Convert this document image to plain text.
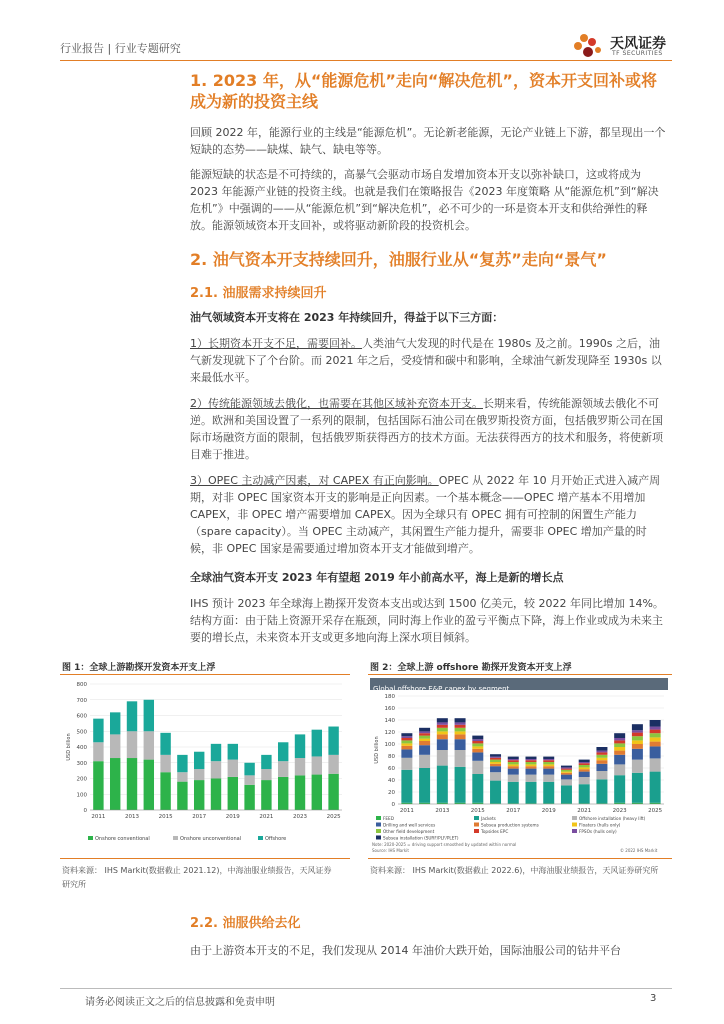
行业报告 | 行业专题研究	天风证券
TF SECURITIES
1. 2023 年，从“能源危机”走向“解决危机”，资本开支回补或将成为新的投资主线
回顾 2022 年，能源行业的主线是“能源危机”。无论新老能源，无论产业链上下游，都呈现出一个短缺的态势——缺煤、缺气、缺电等等。
能源短缺的状态是不可持续的，高暴气会驱动市场自发增加资本开支以弥补缺口，这或将成为 2023 年能源产业链的投资主线。也就是我们在策略报告《2023 年度策略 从“能源危机”到“解决危机”》中强调的——从“能源危机”到“解决危机”，必不可少的一环是资本开支和供给弹性的释放。能源领域资本开支回补，或将驱动新阶段的投资机会。
2. 油气资本开支持续回升，油服行业从“复苏”走向“景气”
2.1. 油服需求持续回升
油气领域资本开支将在 2023 年持续回升，得益于以下三方面：
1）长期资本开支不足，需要回补。人类油气大发现的时代是在 1980s 及之前。1990s 之后，油气新发现就下了个台阶。而 2021 年之后，受疫情和碳中和影响，全球油气新发现降至 1930s 以来最低水平。
2）传统能源领域去俄化，也需要在其他区域补充资本开支。长期来看，传统能源领域去俄化不可逆。欧洲和美国设置了一系列的限制，包括国际石油公司在俄罗斯投资方面，包括俄罗斯公司在国际市场融资方面的限制，包括俄罗斯获得西方的技术方面。无法获得西方的技术和服务，将使新项目难于推进。
3）OPEC 主动减产因素，对 CAPEX 有正向影响。OPEC 从 2022 年 10 月开始正式进入减产周期，对非 OPEC 国家资本开支的影响是正向因素。一个基本概念——OPEC 增产基本不用增加 CAPEX，非 OPEC 增产需要增加 CAPEX。因为全球只有 OPEC 拥有可控制的闲置生产能力（spare capacity）。当 OPEC 主动减产，其闲置生产能力提升，需要非 OPEC 增加产量的时候，非 OPEC 国家是需要通过增加资本开支才能做到增产。
全球油气资本开支 2023 年有望超 2019 年小前高水平，海上是新的增长点
IHS 预计 2023 年全球海上勘探开发资本支出或达到 1500 亿美元，较 2022 年同比增加 14%。结构方面：由于陆上资源开采存在瓶颈，同时海上作业的盈亏平衡点下降，海上作业或成为未来主要的增长点，未来资本开支或更多地向海上深水项目倾斜。
图 1：全球上游勘探开发资本开支上浮
0
100
200
300
400
500
600
700
800
USD billion
2011	2013	2015	2017	2019	2021	2023	2025
Onshore conventional	Onshore unconventional	Offshore
资料来源： IHS Markit(数据截止 2021.12)，中海油服业绩报告，天风证券
研究所
图 2：全球上游 offshore 勘探开发资本开支上浮
Global offshore E&P capex by segment
0
20
40
60
80
100
120
140
160
180
USD billion
2011	2013	2015	2017	2019	2021	2023	2025
FEED	Jackets	Offshore installation (heavy lift)
Drilling and well services	Subsea production systems	Floaters (hulls only)
Other field development	Topsides EPC	FPSOs (hulls only)
Subsea installation (SURF/PLF/PLET)
Note: 2020-2025 = driving support smoothed by updated within normal
Source: IHS Markit	© 2022 IHS Markit
资料来源： IHS Markit(数据截止 2022.6)，中海油服业绩报告，天风证券研究所
2.2. 油服供给去化
由于上游资本开支的不足，我们发现从 2014 年油价大跌开始，国际油服公司的钻井平台
请务必阅读正文之后的信息披露和免责申明	3
